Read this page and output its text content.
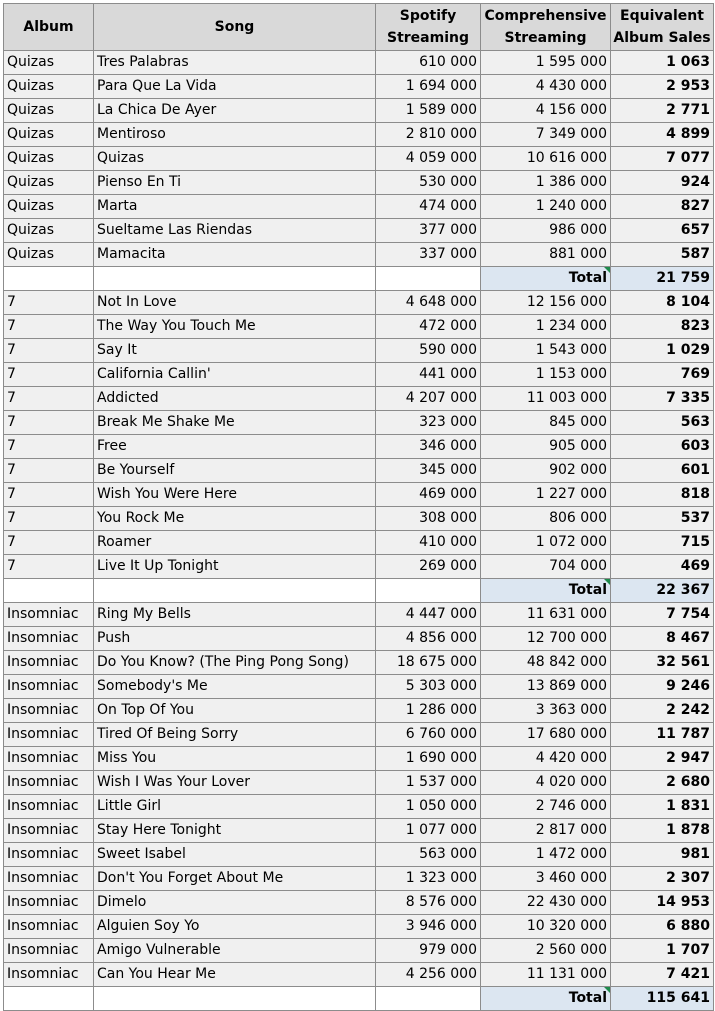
Album	Song	Spotify Streaming	Comprehensive Streaming	Equivalent Album Sales
Quizas	Tres Palabras	610 000	1 595 000	1 063
Quizas	Para Que La Vida	1 694 000	4 430 000	2 953
Quizas	La Chica De Ayer	1 589 000	4 156 000	2 771
Quizas	Mentiroso	2 810 000	7 349 000	4 899
Quizas	Quizas	4 059 000	10 616 000	7 077
Quizas	Pienso En Ti	530 000	1 386 000	924
Quizas	Marta	474 000	1 240 000	827
Quizas	Sueltame Las Riendas	377 000	986 000	657
Quizas	Mamacita	337 000	881 000	587
			Total	21 759
7	Not In Love	4 648 000	12 156 000	8 104
7	The Way You Touch Me	472 000	1 234 000	823
7	Say It	590 000	1 543 000	1 029
7	California Callin'	441 000	1 153 000	769
7	Addicted	4 207 000	11 003 000	7 335
7	Break Me Shake Me	323 000	845 000	563
7	Free	346 000	905 000	603
7	Be Yourself	345 000	902 000	601
7	Wish You Were Here	469 000	1 227 000	818
7	You Rock Me	308 000	806 000	537
7	Roamer	410 000	1 072 000	715
7	Live It Up Tonight	269 000	704 000	469
			Total	22 367
Insomniac	Ring My Bells	4 447 000	11 631 000	7 754
Insomniac	Push	4 856 000	12 700 000	8 467
Insomniac	Do You Know? (The Ping Pong Song)	18 675 000	48 842 000	32 561
Insomniac	Somebody's Me	5 303 000	13 869 000	9 246
Insomniac	On Top Of You	1 286 000	3 363 000	2 242
Insomniac	Tired Of Being Sorry	6 760 000	17 680 000	11 787
Insomniac	Miss You	1 690 000	4 420 000	2 947
Insomniac	Wish I Was Your Lover	1 537 000	4 020 000	2 680
Insomniac	Little Girl	1 050 000	2 746 000	1 831
Insomniac	Stay Here Tonight	1 077 000	2 817 000	1 878
Insomniac	Sweet Isabel	563 000	1 472 000	981
Insomniac	Don't You Forget About Me	1 323 000	3 460 000	2 307
Insomniac	Dimelo	8 576 000	22 430 000	14 953
Insomniac	Alguien Soy Yo	3 946 000	10 320 000	6 880
Insomniac	Amigo Vulnerable	979 000	2 560 000	1 707
Insomniac	Can You Hear Me	4 256 000	11 131 000	7 421
			Total	115 641
